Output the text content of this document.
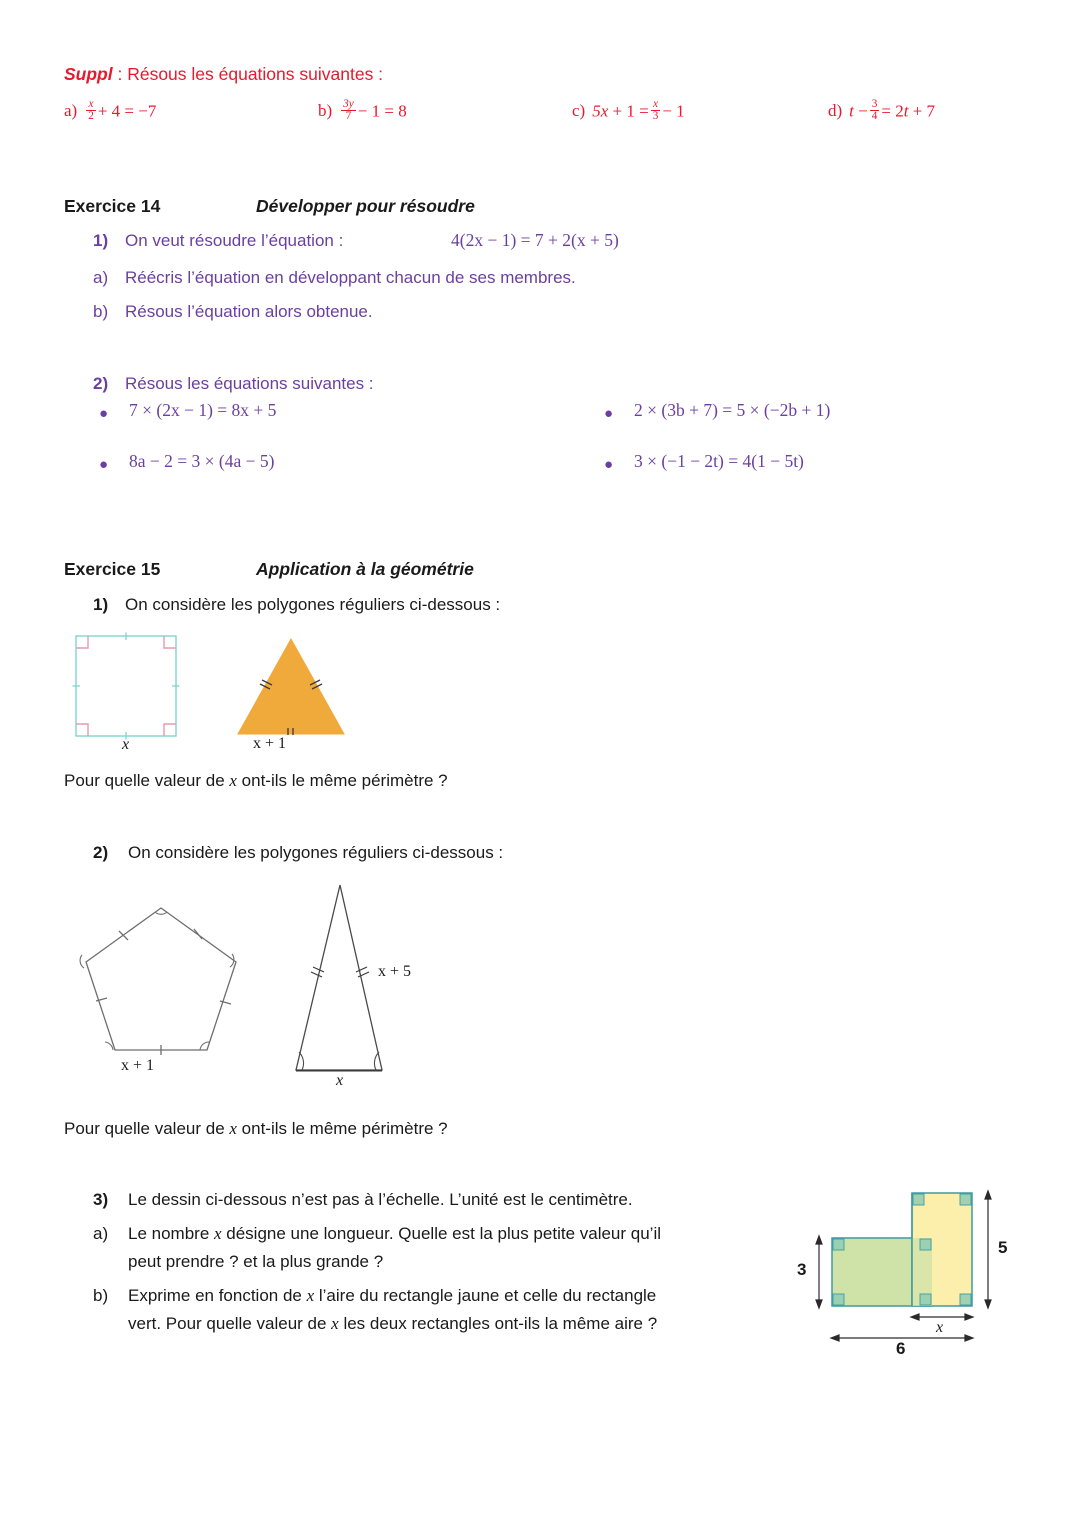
Suppl : Résous les équations suivantes :
$a) \frac{x}{2} + 4 = -7$	$b) \frac{3y}{7} - 1 = 8$	c) $5x + 1 = \frac{x}{3} - 1$	d) $t - \frac{3}{4} = 2t + 7$
Exercice 14	Développer pour résoudre
1) On veut résoudre l’équation :	4(2x − 1) = 7 + 2(x + 5)
a) Réécris l’équation en développant chacun de ses membres.
b) Résous l’équation alors obtenue.
2) Résous les équations suivantes :
● 7 × (2x − 1) = 8x + 5	● 2 × (3b + 7) = 5 × (−2b + 1)
● 8a − 2 = 3 × (4a − 5)	● 3 × (−1 − 2t) = 4(1 − 5t)
Exercice 15	Application à la géométrie
1) On considère les polygones réguliers ci-dessous :
x	x + 1
Pour quelle valeur de x ont-ils le même périmètre ?
2) On considère les polygones réguliers ci-dessous :
x + 1
x + 5
x
Pour quelle valeur de x ont-ils le même périmètre ?
3) Le dessin ci-dessous n’est pas à l’échelle. L’unité est le centimètre.
a) Le nombre x désigne une longueur. Quelle est la plus petite valeur qu’il
peut prendre ? et la plus grande ?
b) Exprime en fonction de x l’aire du rectangle jaune et celle du rectangle
vert. Pour quelle valeur de x les deux rectangles ont-ils la même aire ?
3
5
x
6
